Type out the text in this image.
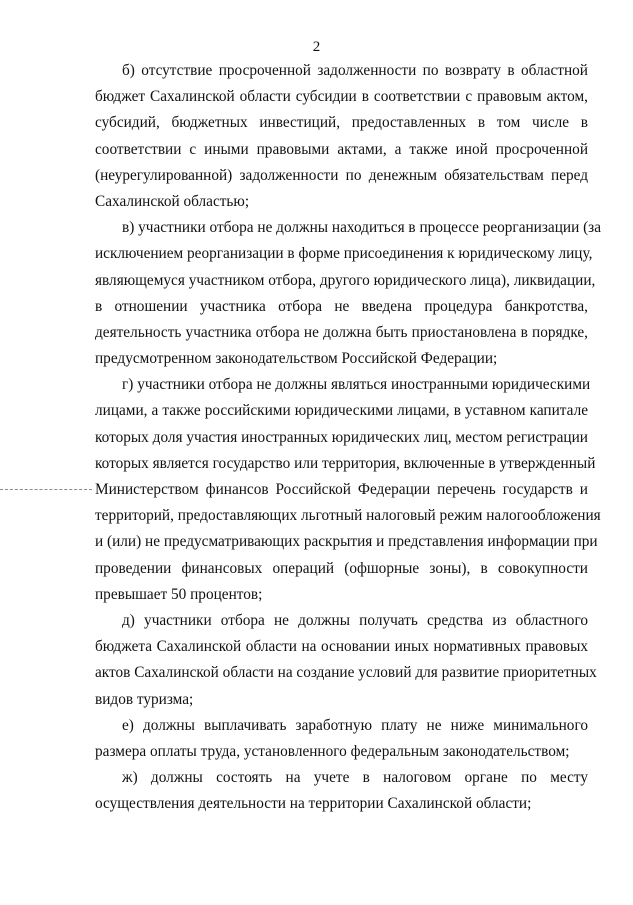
2
б) отсутствие просроченной задолженности по возврату в областной
бюджет Сахалинской области субсидии в соответствии с правовым актом,
субсидий, бюджетных инвестиций, предоставленных в том числе в
соответствии с иными правовыми актами, а также иной просроченной
(неурегулированной) задолженности по денежным обязательствам перед
Сахалинской областью;
в) участники отбора не должны находиться в процессе реорганизации (за
исключением реорганизации в форме присоединения к юридическому лицу,
являющемуся участником отбора, другого юридического лица), ликвидации,
в отношении участника отбора не введена процедура банкротства,
деятельность участника отбора не должна быть приостановлена в порядке,
предусмотренном законодательством Российской Федерации;
г) участники отбора не должны являться иностранными юридическими
лицами, а также российскими юридическими лицами, в уставном капитале
которых доля участия иностранных юридических лиц, местом регистрации
которых является государство или территория, включенные в утвержденный
Министерством финансов Российской Федерации перечень государств и
территорий, предоставляющих льготный налоговый режим налогообложения
и (или) не предусматривающих раскрытия и представления информации при
проведении финансовых операций (офшорные зоны), в совокупности
превышает 50 процентов;
д) участники отбора не должны получать средства из областного
бюджета Сахалинской области на основании иных нормативных правовых
актов Сахалинской области на создание условий для развитие приоритетных
видов туризма;
е) должны выплачивать заработную плату не ниже минимального
размера оплаты труда, установленного федеральным законодательством;
ж) должны состоять на учете в налоговом органе по месту
осуществления деятельности на территории Сахалинской области;
